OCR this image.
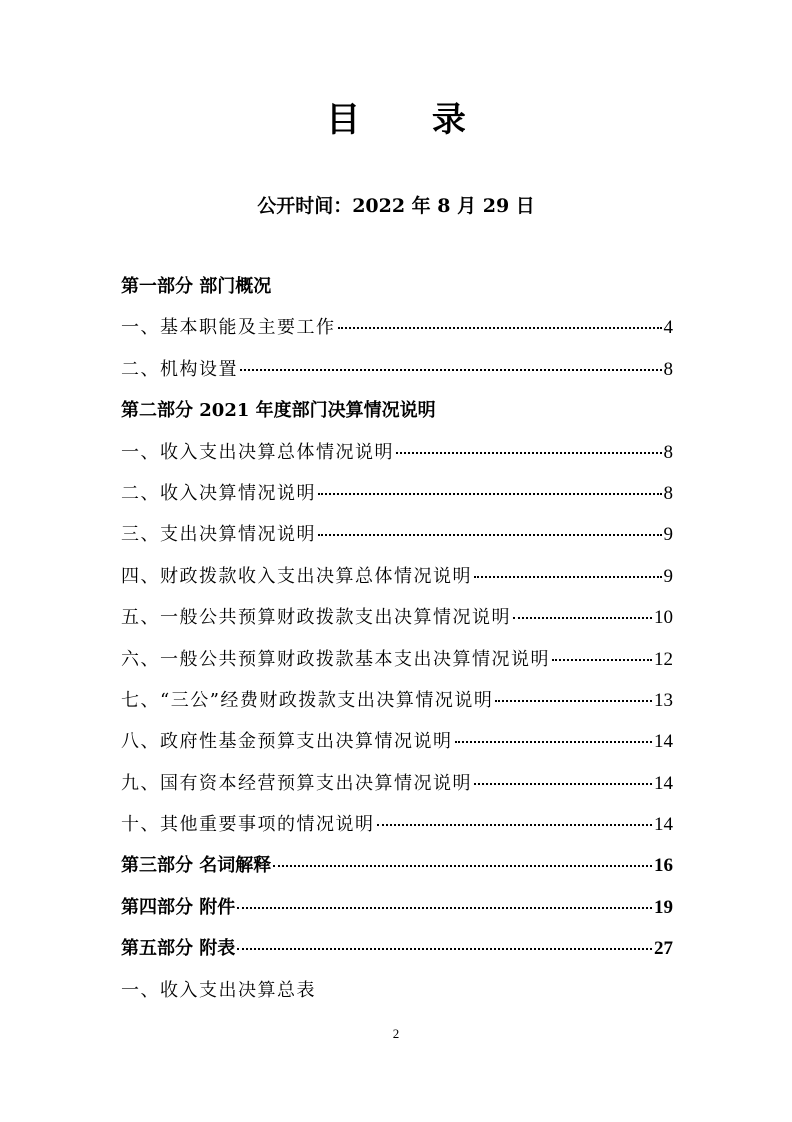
目 录
公开时间：2022 年 8 月 29 日
第一部分 部门概况
一、基本职能及主要工作	4
二、机构设置	8
第二部分 2021 年度部门决算情况说明
一、收入支出决算总体情况说明	8
二、收入决算情况说明	8
三、支出决算情况说明	9
四、财政拨款收入支出决算总体情况说明	9
五、一般公共预算财政拨款支出决算情况说明	10
六、一般公共预算财政拨款基本支出决算情况说明	12
七、“三公”经费财政拨款支出决算情况说明	13
八、政府性基金预算支出决算情况说明	14
九、国有资本经营预算支出决算情况说明	14
十、其他重要事项的情况说明	14
第三部分 名词解释	16
第四部分 附件	19
第五部分 附表	27
一、收入支出决算总表
2
